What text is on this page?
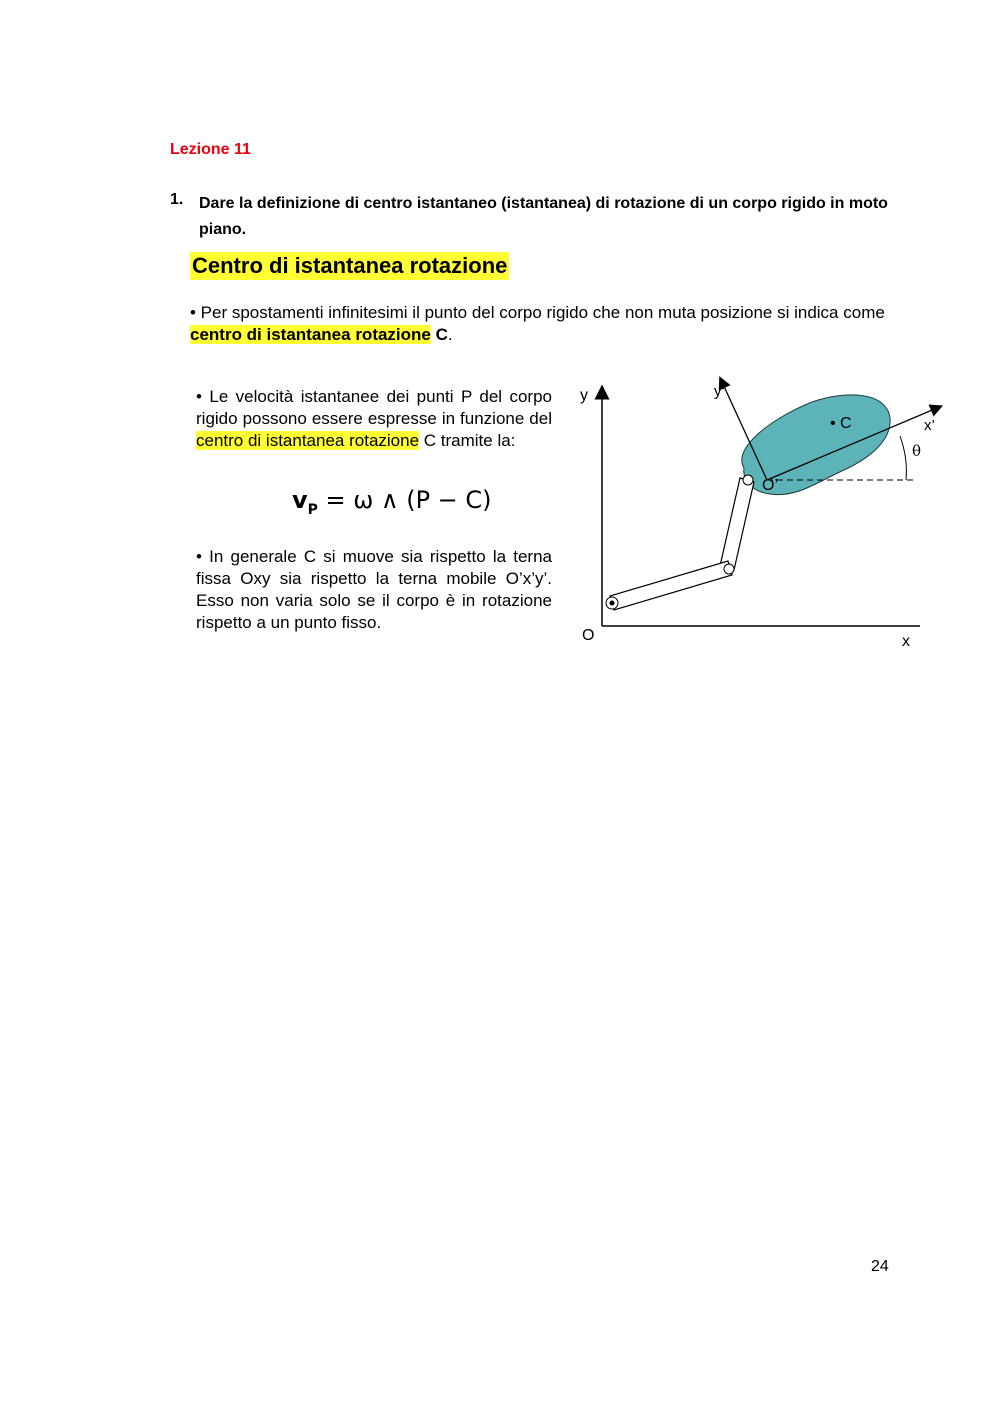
Lezione 11
1. Dare la definizione di centro istantaneo (istantanea) di rotazione di un corpo rigido in moto piano.
Centro di istantanea rotazione
• Per spostamenti infinitesimi il punto del corpo rigido che non muta posizione si indica come centro di istantanea rotazione C.
• Le velocità istantanee dei punti P del corpo rigido possono essere espresse in funzione del centro di istantanea rotazione C tramite la:
$v_P = \omega$ ∧ (P − C)
• In generale C si muove sia rispetto la terna fissa Oxy sia rispetto la terna mobile O’x’y’. Esso non varia solo se il corpo è in rotazione rispetto a un punto fisso.
y
x
O
y’
x’
O’
• C
θ
24
